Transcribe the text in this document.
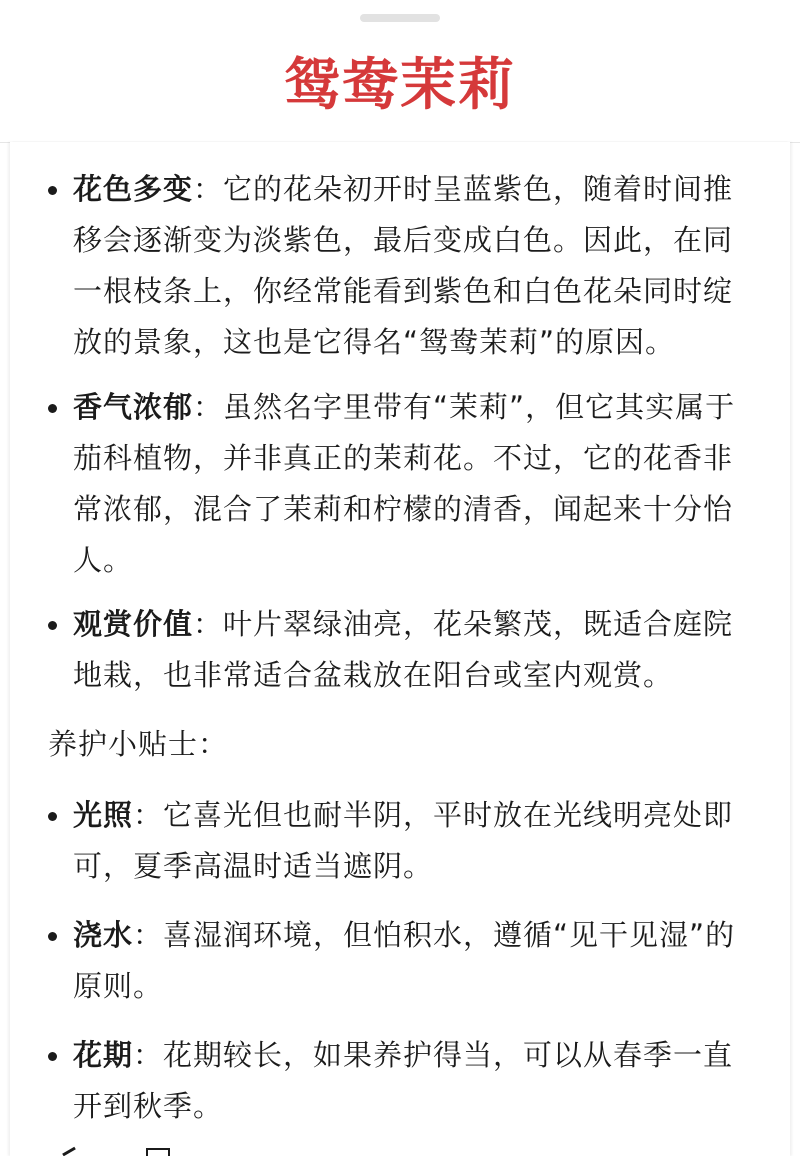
鸳鸯茉莉
花色多变：它的花朵初开时呈蓝紫色，随着时间推移会逐渐变为淡紫色，最后变成白色。因此，在同一根枝条上，你经常能看到紫色和白色花朵同时绽放的景象，这也是它得名“鸳鸯茉莉”的原因。
香气浓郁：虽然名字里带有“茉莉”，但它其实属于茄科植物，并非真正的茉莉花。不过，它的花香非常浓郁，混合了茉莉和柠檬的清香，闻起来十分怡人。
观赏价值：叶片翠绿油亮，花朵繁茂，既适合庭院地栽，也非常适合盆栽放在阳台或室内观赏。
养护小贴士：
光照：它喜光但也耐半阴，平时放在光线明亮处即可，夏季高温时适当遮阴。
浇水：喜湿润环境，但怕积水，遵循“见干见湿”的原则。
花期：花期较长，如果养护得当，可以从春季一直开到秋季。
